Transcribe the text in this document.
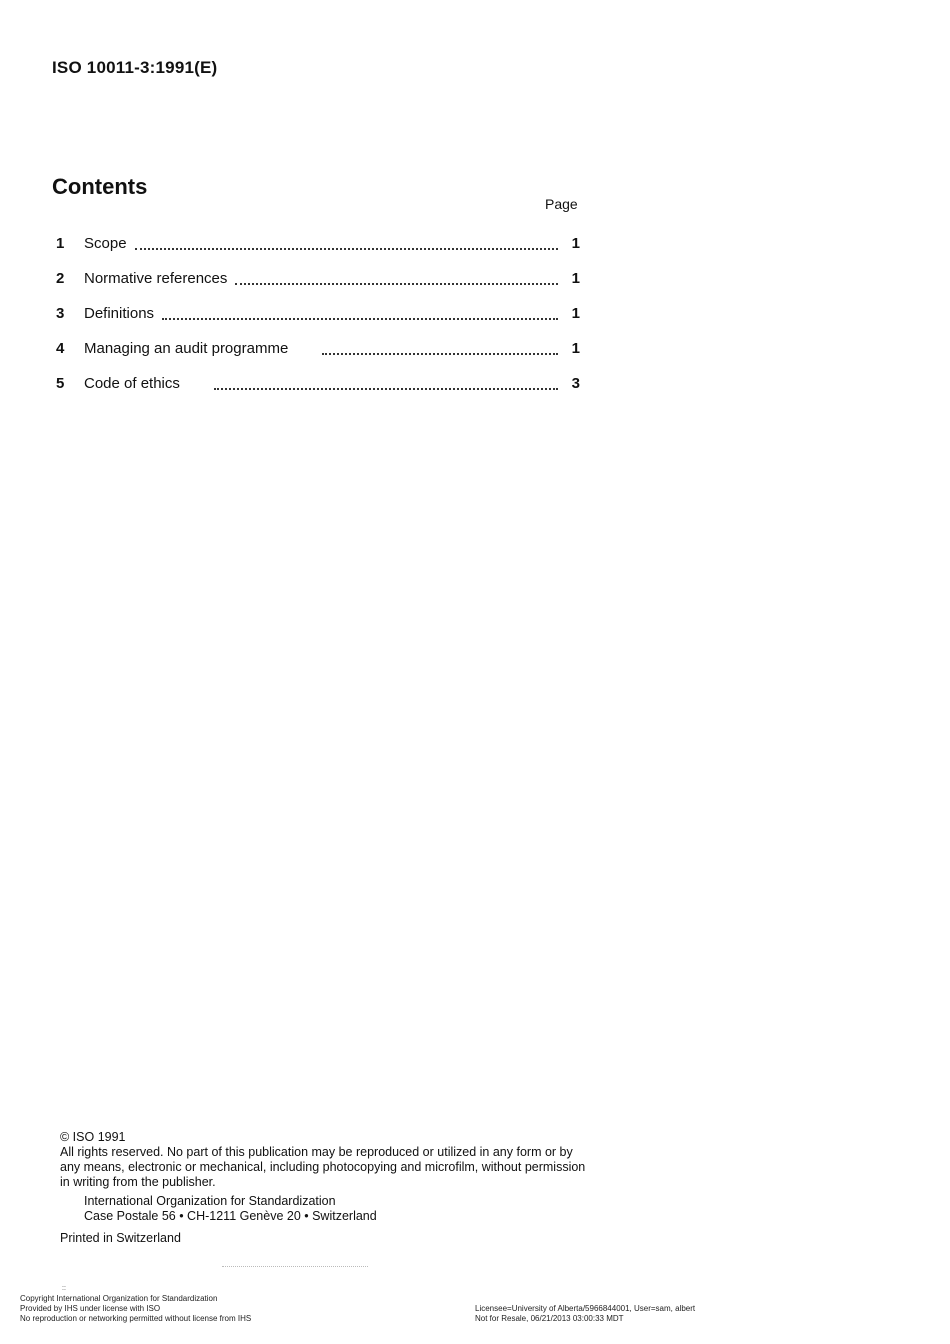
ISO 10011-3:1991(E)
Contents
Page
1	Scope	1
2	Normative references	1
3	Definitions	1
4	Managing an audit programme	1
5	Code of ethics	3
© ISO 1991
All rights reserved. No part of this publication may be reproduced or utilized in any form or by any means, electronic or mechanical, including photocopying and microfilm, without permission in writing from the publisher.
International Organization for Standardization
Case Postale 56 • CH-1211 Genève 20 • Switzerland
Printed in Switzerland
::
Copyright International Organization for Standardization
Provided by IHS under license with ISO
No reproduction or networking permitted without license from IHS
Licensee=University of Alberta/5966844001, User=sam, albert
Not for Resale, 06/21/2013 03:00:33 MDT
